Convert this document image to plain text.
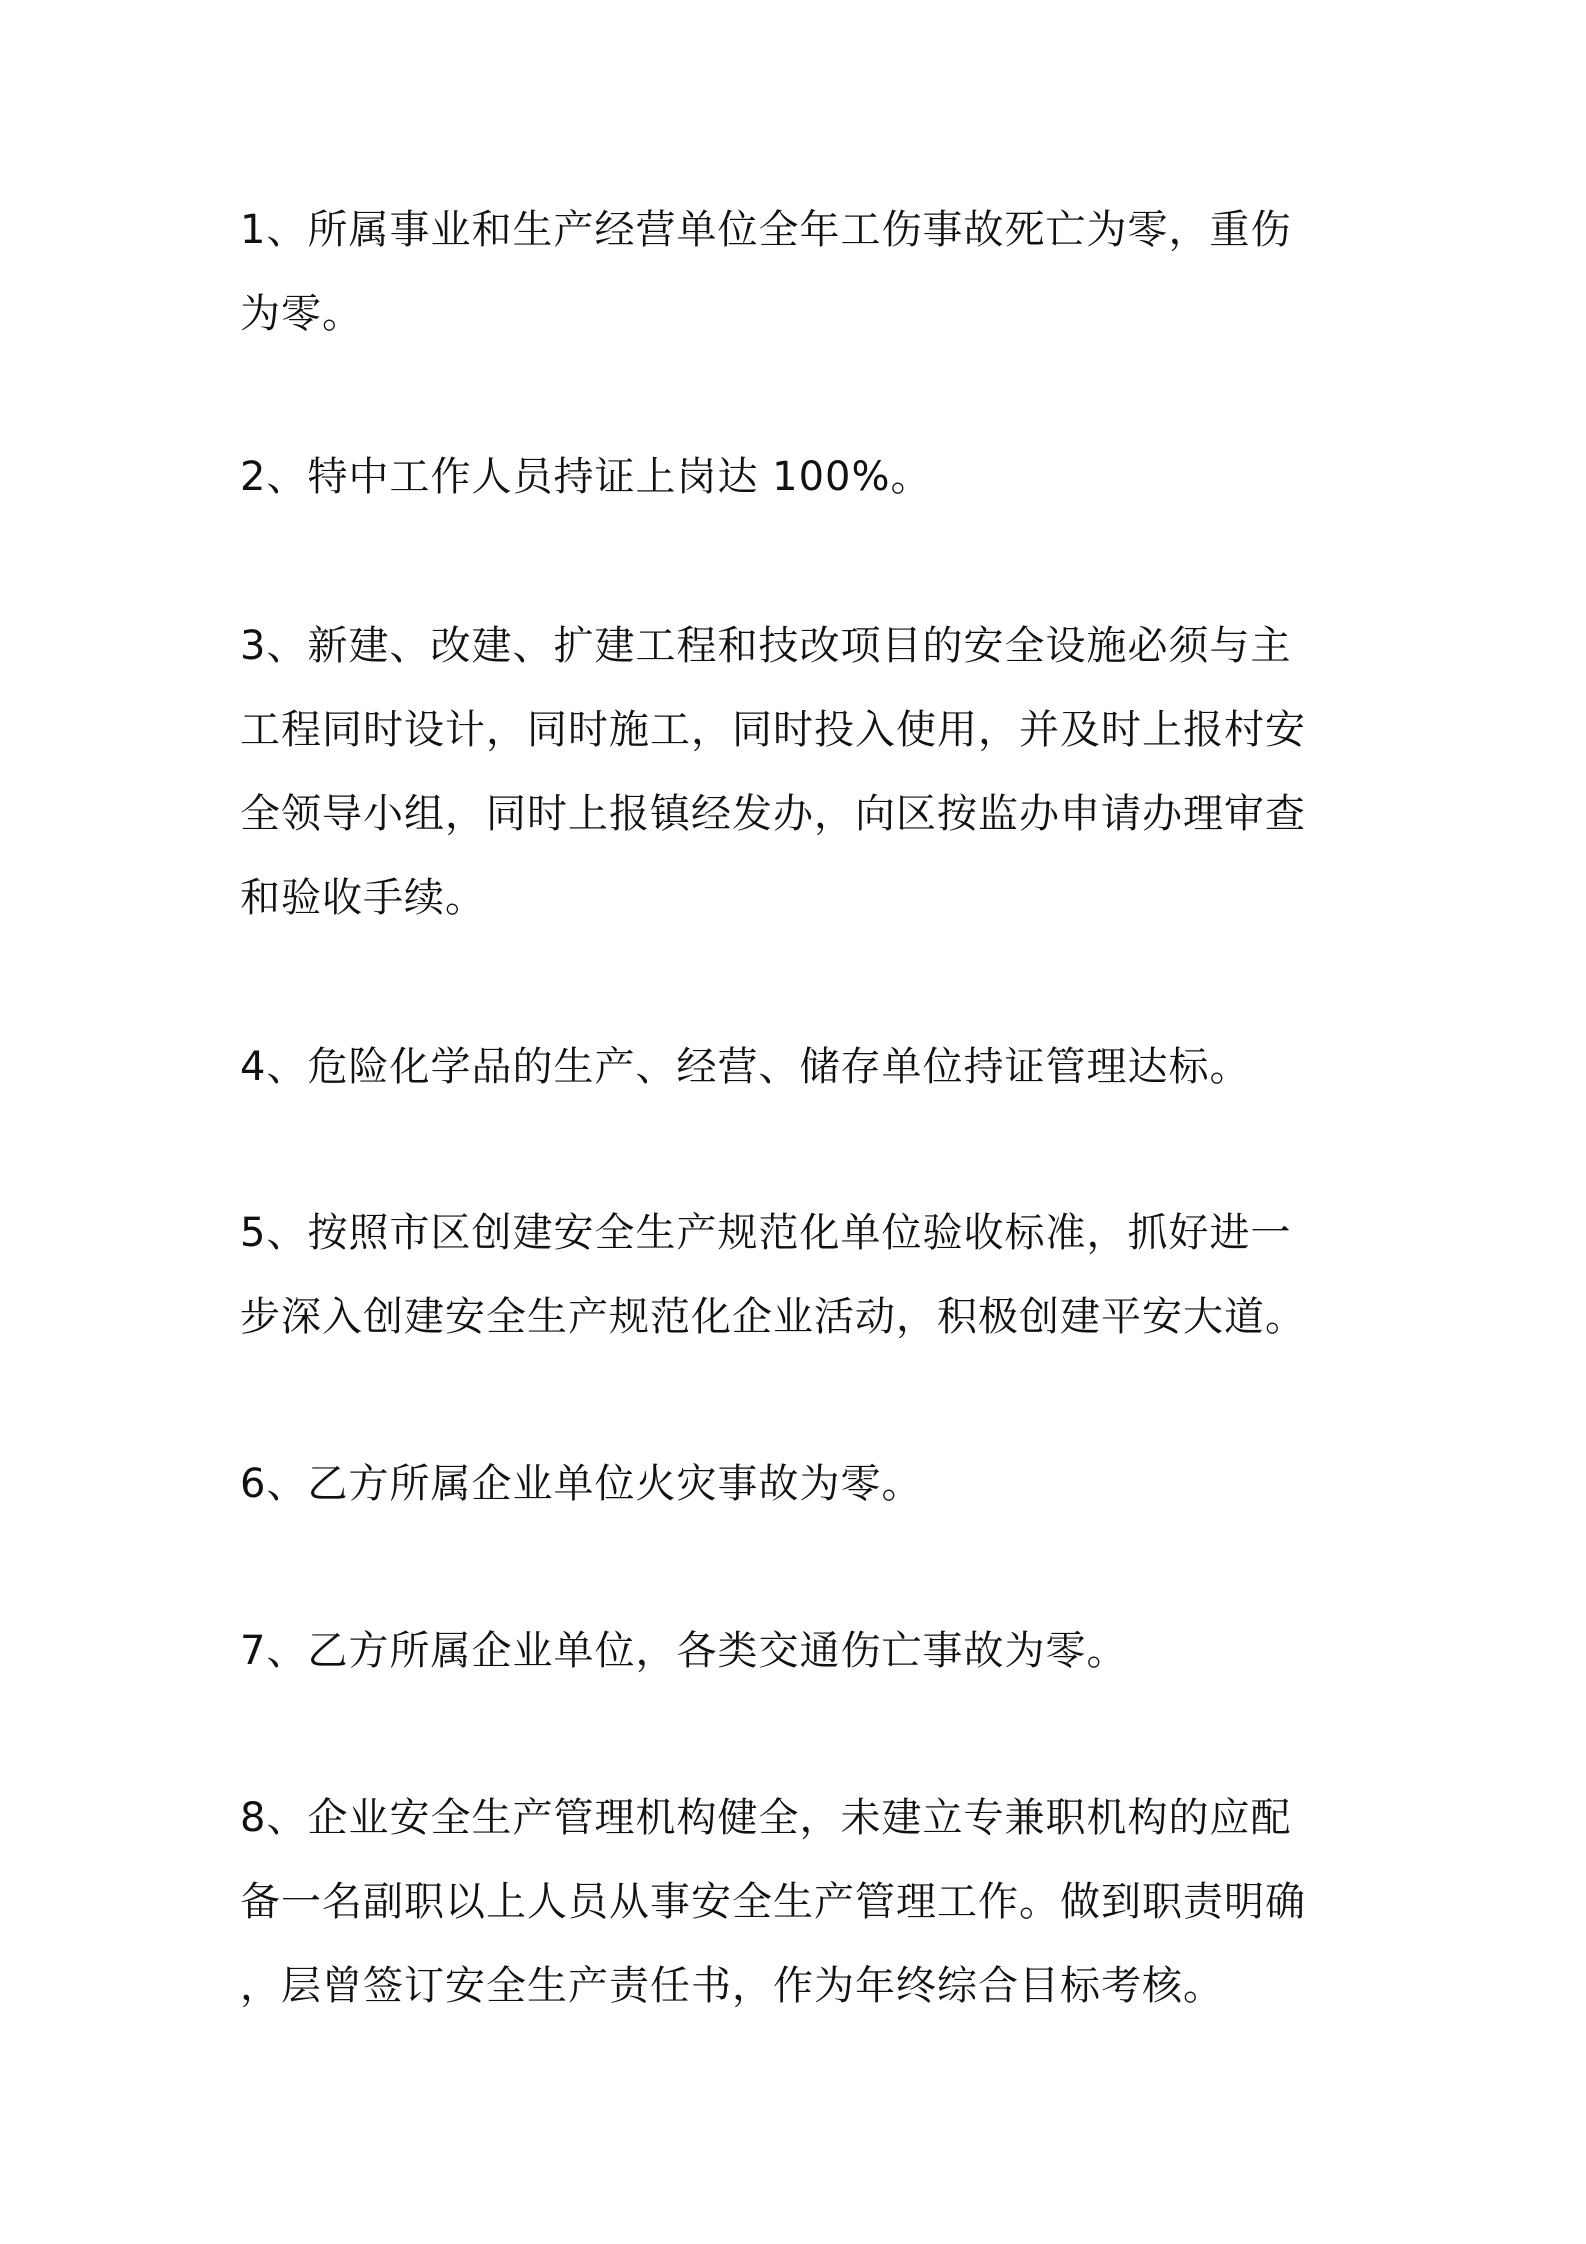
1、所属事业和生产经营单位全年工伤事故死亡为零，重伤
为零。

2、特中工作人员持证上岗达 100%。

3、新建、改建、扩建工程和技改项目的安全设施必须与主
工程同时设计，同时施工，同时投入使用，并及时上报村安
全领导小组，同时上报镇经发办，向区按监办申请办理审查
和验收手续。

4、危险化学品的生产、经营、储存单位持证管理达标。

5、按照市区创建安全生产规范化单位验收标准，抓好进一
步深入创建安全生产规范化企业活动，积极创建平安大道。

6、乙方所属企业单位火灾事故为零。

7、乙方所属企业单位，各类交通伤亡事故为零。

8、企业安全生产管理机构健全，未建立专兼职机构的应配
备一名副职以上人员从事安全生产管理工作。做到职责明确
，层曾签订安全生产责任书，作为年终综合目标考核。
